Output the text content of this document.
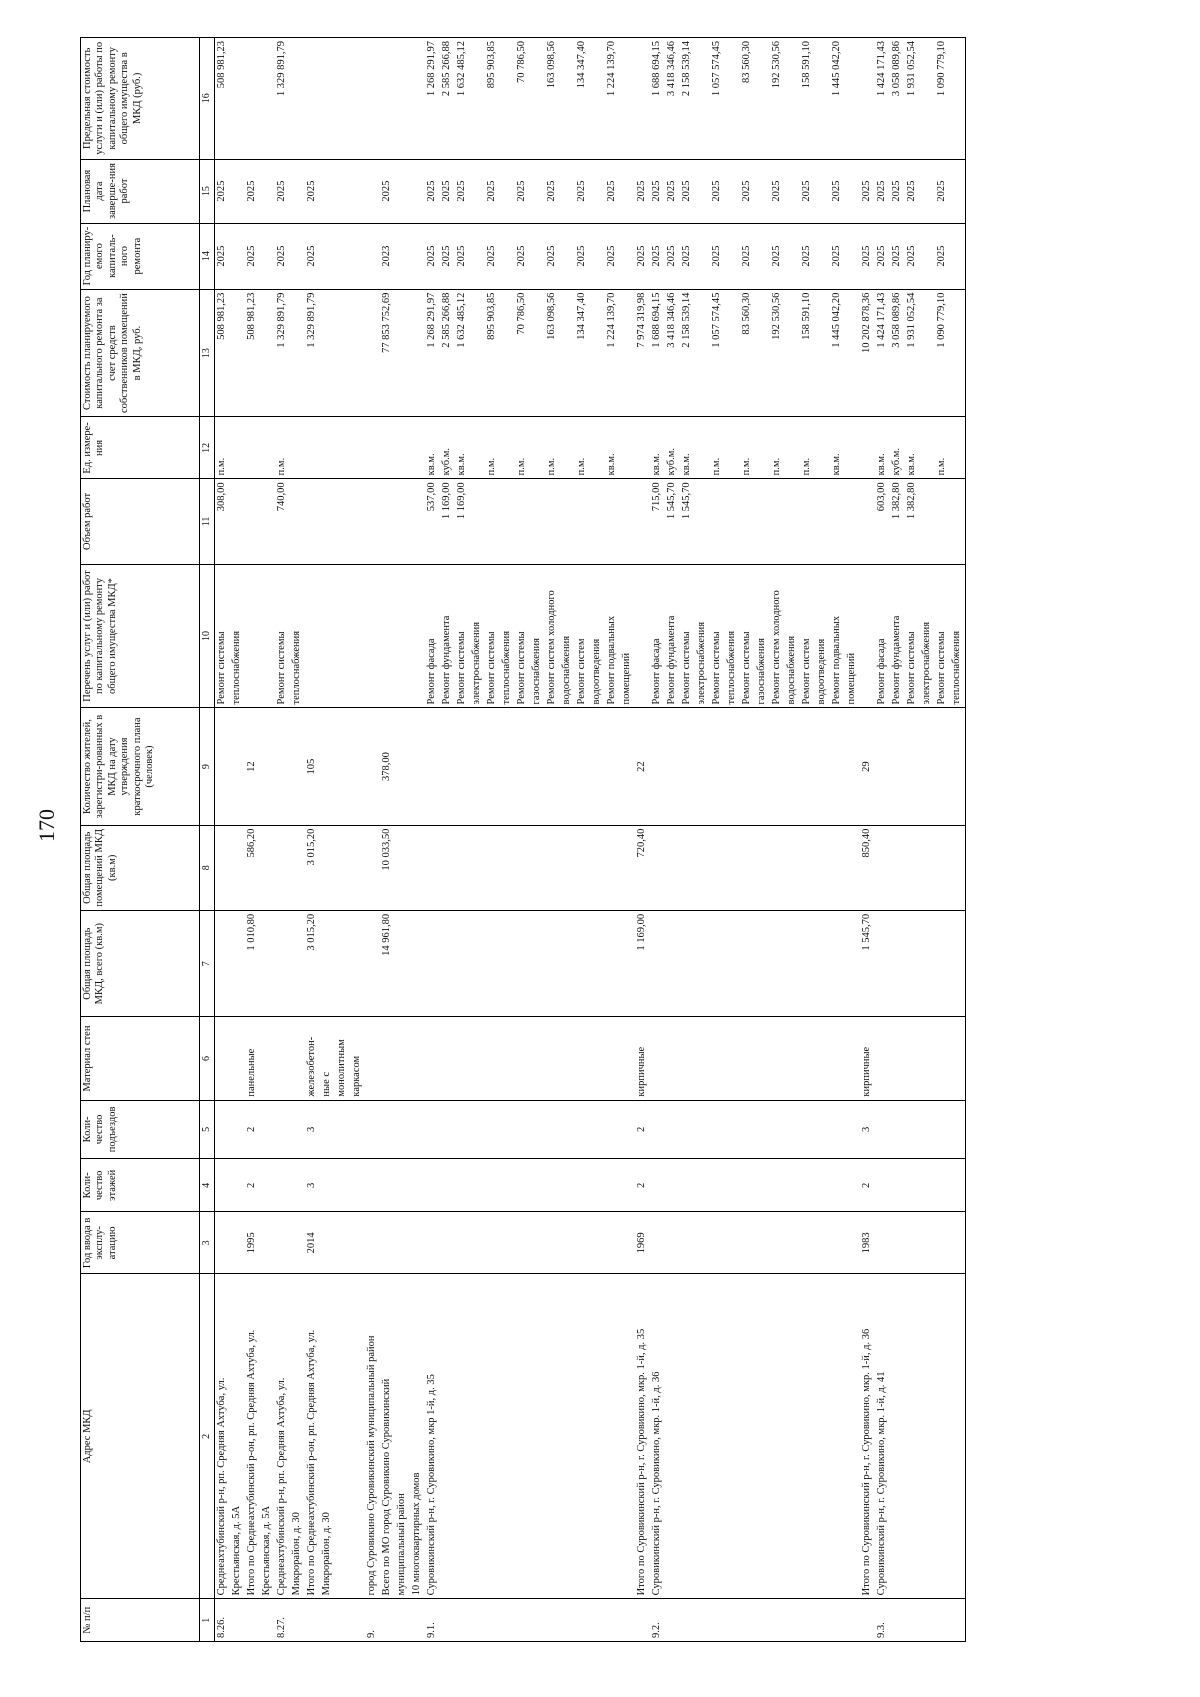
170
№ п/п	Адрес МКД	Год ввода в эксплу-атацию	Коли-чество этажей	Коли-чество подъездов	Материал стен	Общая площадь МКД, всего (кв.м)	Общая площадь помещений МКД (кв.м)	Количество жителей, зарегистри-рованных в МКД на дату утверждения краткосрочного плана (человек)	Перечень услуг и (или) работ по капитальному ремонту общего имущества МКД*	Объем работ	Ед. измере-ния	Стоимость планируемого капитального ремонта за счет средств собственников помещений в МКД, руб.	Год планиру-емого капиталь-ного ремонта	Плановая дата заверше-ния работ	Предельная стоимость услуги и (или) работы по капитальному ремонту общего имущества в МКД (руб.)
1	2	3	4	5	6	7	8	9	10	11	12	13	14	15	16
8.26.	Среднеахтубинский р-н, рп. Средняя Ахтуба, ул.								Ремонт системы	308,00	п.м.	508 981,23	2025	2025	508 981,23
	Крестьянская, д. 5А								теплоснабжения						
	Итого по Среднеахтубинский р-он, рп. Средняя Ахтуба, ул.	1995	2	2	панельные	1 010,80	586,20	12				508 981,23	2025	2025	
	Крестьянская, д. 5А														
8.27.	Среднеахтубинский р-н, рп. Средняя Ахтуба, ул.								Ремонт системы	740,00	п.м.	1 329 891,79	2025	2025	1 329 891,79
	Микрорайон, д. 30								теплоснабжения						
	Итого по Среднеахтубинский р-он, рп. Средняя Ахтуба, ул.	2014	3	3	железобетон-	3 015,20	3 015,20	105				1 329 891,79	2025	2025	
	Микрорайон, д. 30				ные с										
					монолитным										
					каркасом										
9.	город Суровикино Суровикинский муниципальный район														
	Всего по МО город Суровикино Суровикинский					14 961,80	10 033,50	378,00				77 853 752,69	2023	2025	
	муниципальный район														
	10 многоквартирных домов														
9.1.	Суровикинский р-н, г. Суровикино, мкр 1-й, д. 35								Ремонт фасада	537,00	кв.м.	1 268 291,97	2025	2025	1 268 291,97
									Ремонт фундамента	1 169,00	куб.м.	2 585 266,88	2025	2025	2 585 266,88
									Ремонт системы	1 169,00	кв.м.	1 632 485,12	2025	2025	1 632 485,12
									электроснабжения						
									Ремонт системы		п.м.	895 903,85	2025	2025	895 903,85
									теплоснабжения						
									Ремонт системы		п.м.	70 786,50	2025	2025	70 786,50
									газоснабжения						
									Ремонт систем холодного		п.м.	163 098,56	2025	2025	163 098,56
									водоснабжения						
									Ремонт систем		п.м.	134 347,40	2025	2025	134 347,40
									водоотведения						
									Ремонт подвальных		кв.м.	1 224 139,70	2025	2025	1 224 139,70
									помещений						
	Итого по Суровикинский р-н, г. Суровикино, мкр. 1-й, д. 35	1969	2	2	кирпичные	1 169,00	720,40	22				7 974 319,98	2025	2025	
9.2.	Суровикинский р-н, г. Суровикино, мкр. 1-й, д. 36								Ремонт фасада	715,00	кв.м.	1 688 694,15	2025	2025	1 688 694,15
									Ремонт фундамента	1 545,70	куб.м.	3 418 346,46	2025	2025	3 418 346,46
									Ремонт системы	1 545,70	кв.м.	2 158 539,14	2025	2025	2 158 539,14
									электроснабжения						
									Ремонт системы		п.м.	1 057 574,45	2025	2025	1 057 574,45
									теплоснабжения						
									Ремонт системы		п.м.	83 560,30	2025	2025	83 560,30
									газоснабжения						
									Ремонт систем холодного		п.м.	192 530,56	2025	2025	192 530,56
									водоснабжения						
									Ремонт систем		п.м.	158 591,10	2025	2025	158 591,10
									водоотведения						
									Ремонт подвальных		кв.м.	1 445 042,20	2025	2025	1 445 042,20
									помещений						
	Итого по Суровикинский р-н, г. Суровикино, мкр. 1-й, д. 36	1983	2	3	кирпичные	1 545,70	850,40	29				10 202 878,36	2025	2025	
9.3.	Суровикинский р-н, г. Суровикино, мкр. 1-й, д. 41								Ремонт фасада	603,00	кв.м.	1 424 171,43	2025	2025	1 424 171,43
									Ремонт фундамента	1 382,80	куб.м.	3 058 089,86	2025	2025	3 058 089,86
									Ремонт системы	1 382,80	кв.м.	1 931 052,54	2025	2025	1 931 052,54
									электроснабжения						
									Ремонт системы		п.м.	1 090 779,10	2025	2025	1 090 779,10
									теплоснабжения						
